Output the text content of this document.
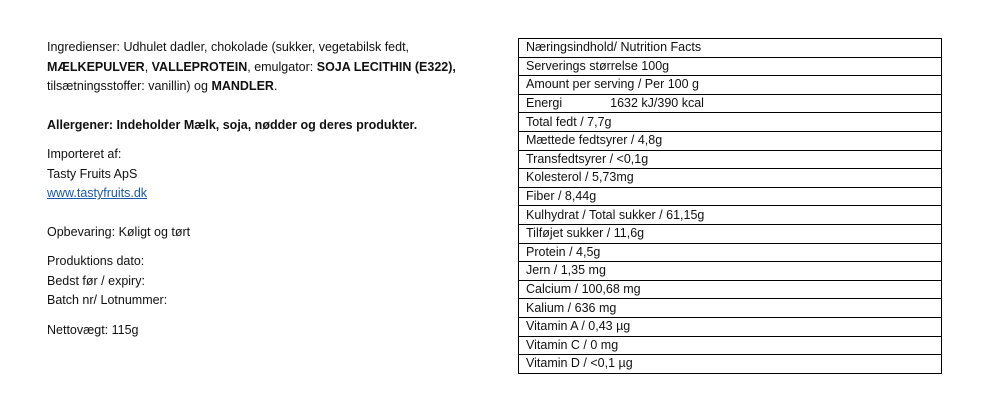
Ingredienser: Udhulet dadler, chokolade (sukker, vegetabilsk fedt,
MÆLKEPULVER, VALLEPROTEIN, emulgator: SOJA LECITHIN (E322),
tilsætningsstoffer: vanillin) og MANDLER.

Allergener: Indeholder Mælk, soja, nødder og deres produkter.

Importeret af:

Tasty Fruits ApS

www.tastyfruits.dk

Opbevaring: Køligt og tørt

Produktions dato:

Bedst før / expiry:

Batch nr/ Lotnummer:

Nettovægt: 115g

Næringsindhold/ Nutrition Facts
Serverings størrelse 100g
Amount per serving / Per 100 g
Energi	1632 kJ/390 kcal
Total fedt / 7,7g
Mættede fedtsyrer / 4,8g
Transfedtsyrer / <0,1g
Kolesterol / 5,73mg
Fiber / 8,44g
Kulhydrat / Total sukker / 61,15g
Tilføjet sukker / 11,6g
Protein / 4,5g
Jern / 1,35 mg
Calcium / 100,68 mg
Kalium / 636 mg
Vitamin A / 0,43 µg
Vitamin C / 0 mg
Vitamin D / <0,1 µg
